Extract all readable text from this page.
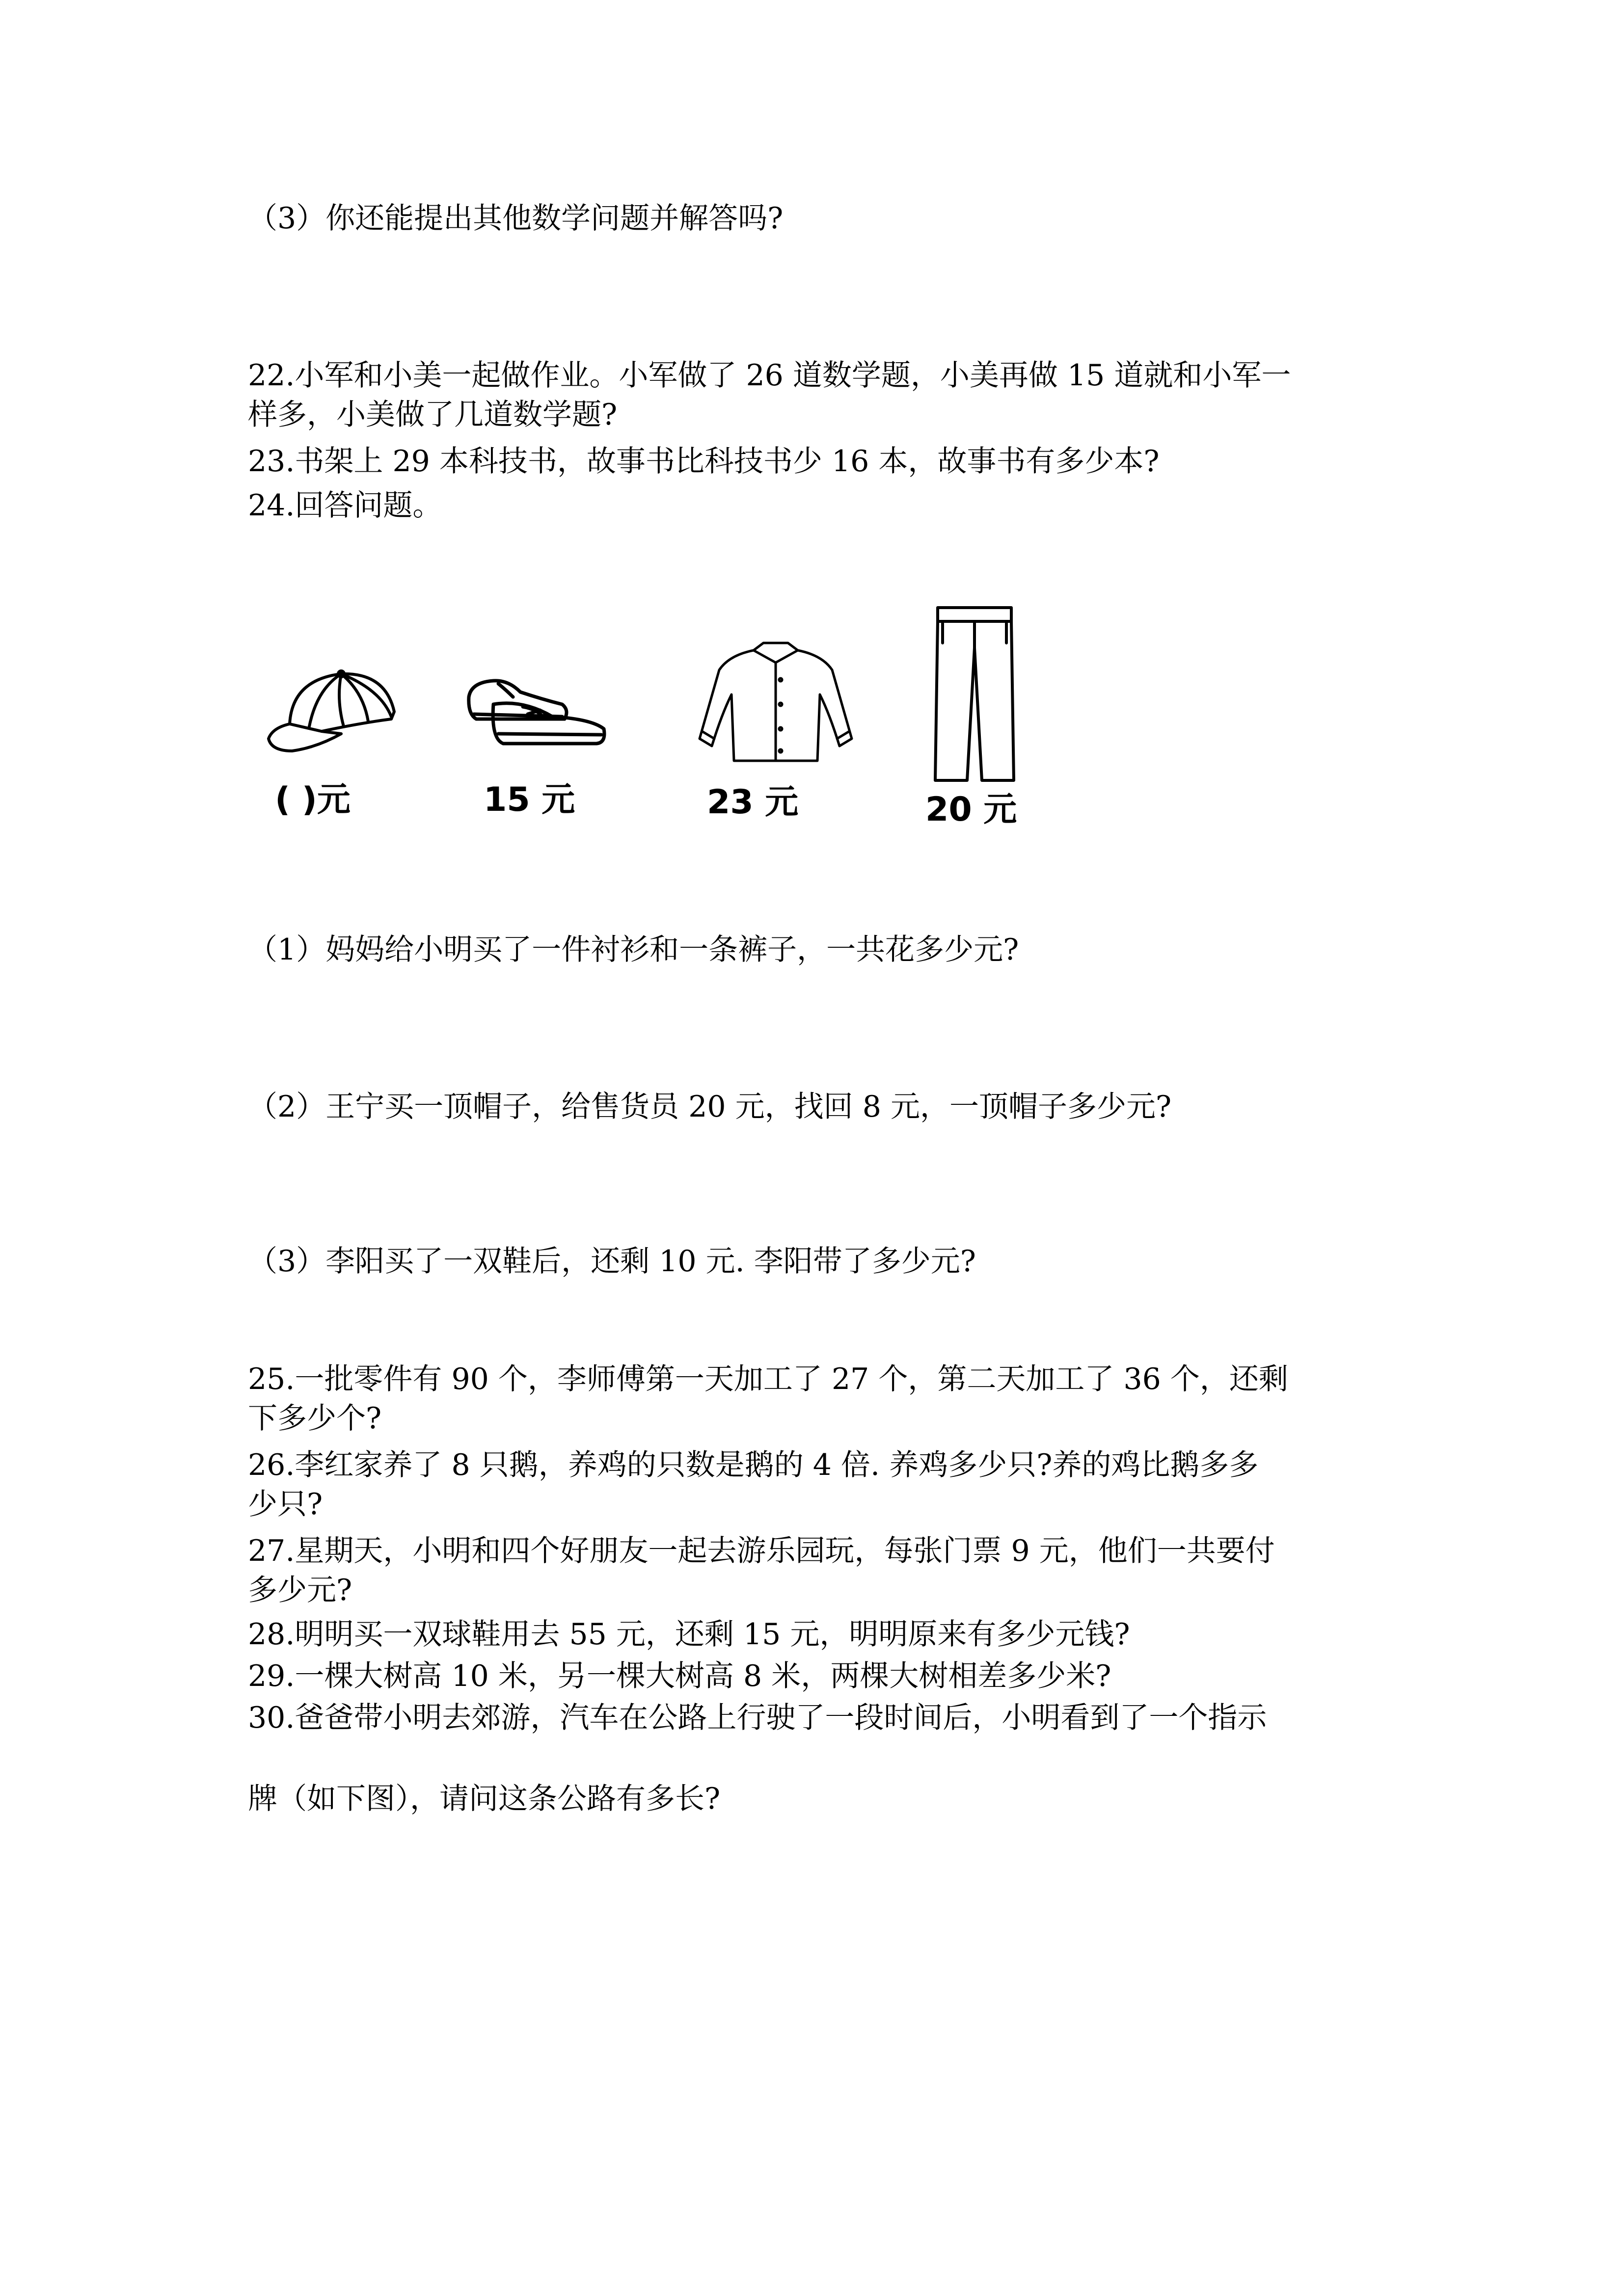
（3）你还能提出其他数学问题并解答吗?
22.小军和小美一起做作业。小军做了 26 道数学题，小美再做 15 道就和小军一
样多，小美做了几道数学题?
23.书架上 29 本科技书，故事书比科技书少 16 本，故事书有多少本?
24.回答问题。
( )元	15 元	23 元	20 元
（1）妈妈给小明买了一件衬衫和一条裤子，一共花多少元?
（2）王宁买一顶帽子，给售货员 20 元，找回 8 元，一顶帽子多少元?
（3）李阳买了一双鞋后，还剩 10 元. 李阳带了多少元?
25.一批零件有 90 个，李师傅第一天加工了 27 个，第二天加工了 36 个，还剩
下多少个?
26.李红家养了 8 只鹅，养鸡的只数是鹅的 4 倍. 养鸡多少只?养的鸡比鹅多多
少只?
27.星期天，小明和四个好朋友一起去游乐园玩，每张门票 9 元，他们一共要付
多少元?
28.明明买一双球鞋用去 55 元，还剩 15 元，明明原来有多少元钱?
29.一棵大树高 10 米，另一棵大树高 8 米，两棵大树相差多少米?
30.爸爸带小明去郊游，汽车在公路上行驶了一段时间后，小明看到了一个指示
牌（如下图），请问这条公路有多长?
